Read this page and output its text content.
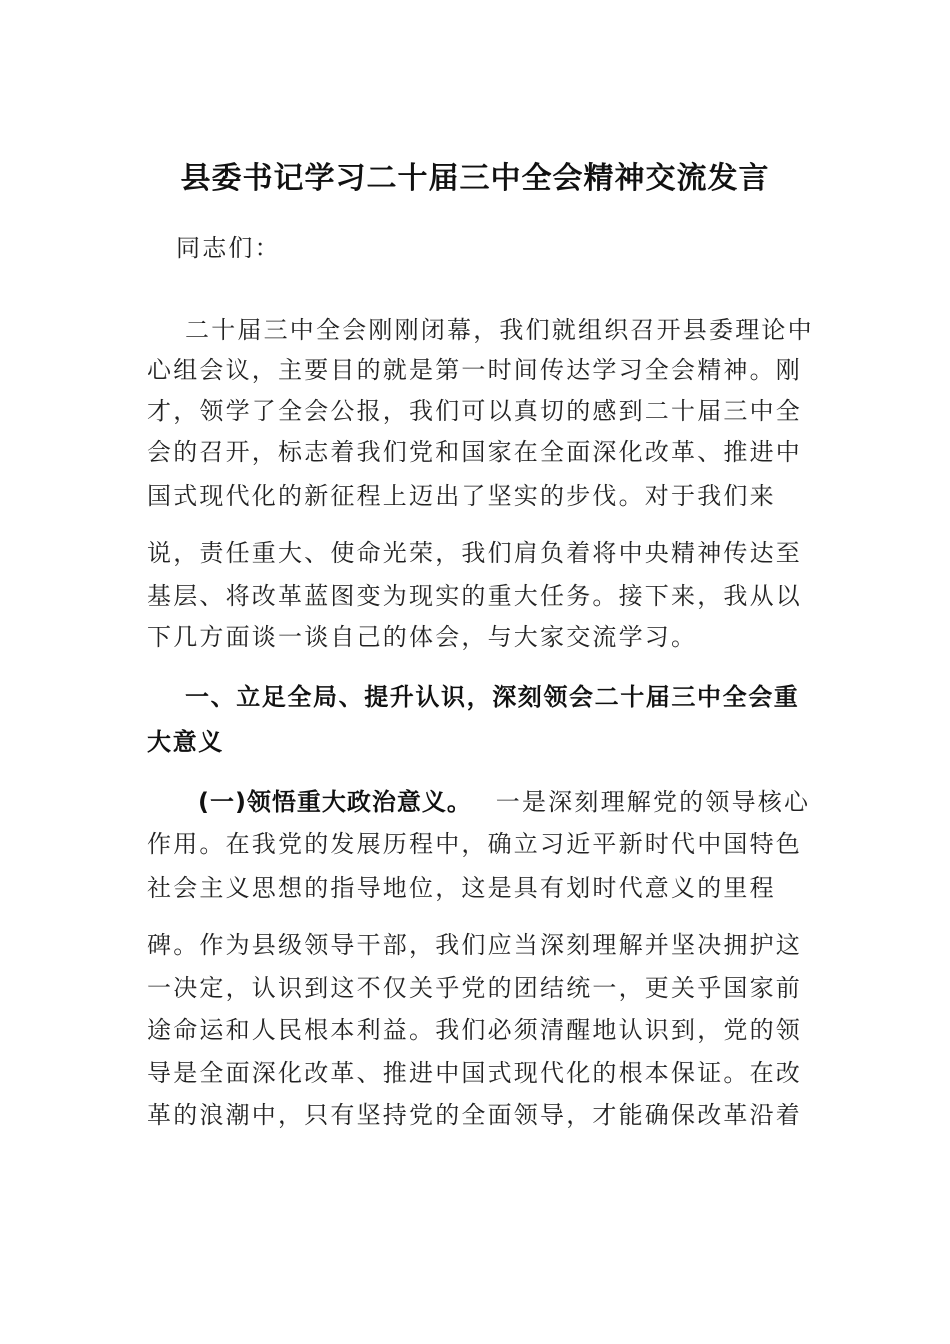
县委书记学习二十届三中全会精神交流发言
同志们：
二十届三中全会刚刚闭幕，我们就组织召开县委理论中
心组会议，主要目的就是第一时间传达学习全会精神。刚
才，领学了全会公报，我们可以真切的感到二十届三中全
会的召开，标志着我们党和国家在全面深化改革、推进中
国式现代化的新征程上迈出了坚实的步伐。对于我们来
说，责任重大、使命光荣，我们肩负着将中央精神传达至
基层、将改革蓝图变为现实的重大任务。接下来，我从以
下几方面谈一谈自己的体会，与大家交流学习。
一、立足全局、提升认识，深刻领会二十届三中全会重
大意义
(一)领悟重大政治意义。 一是深刻理解党的领导核心
作用。在我党的发展历程中，确立习近平新时代中国特色
社会主义思想的指导地位，这是具有划时代意义的里程
碑。作为县级领导干部，我们应当深刻理解并坚决拥护这
一决定，认识到这不仅关乎党的团结统一，更关乎国家前
途命运和人民根本利益。我们必须清醒地认识到，党的领
导是全面深化改革、推进中国式现代化的根本保证。在改
革的浪潮中，只有坚持党的全面领导，才能确保改革沿着
